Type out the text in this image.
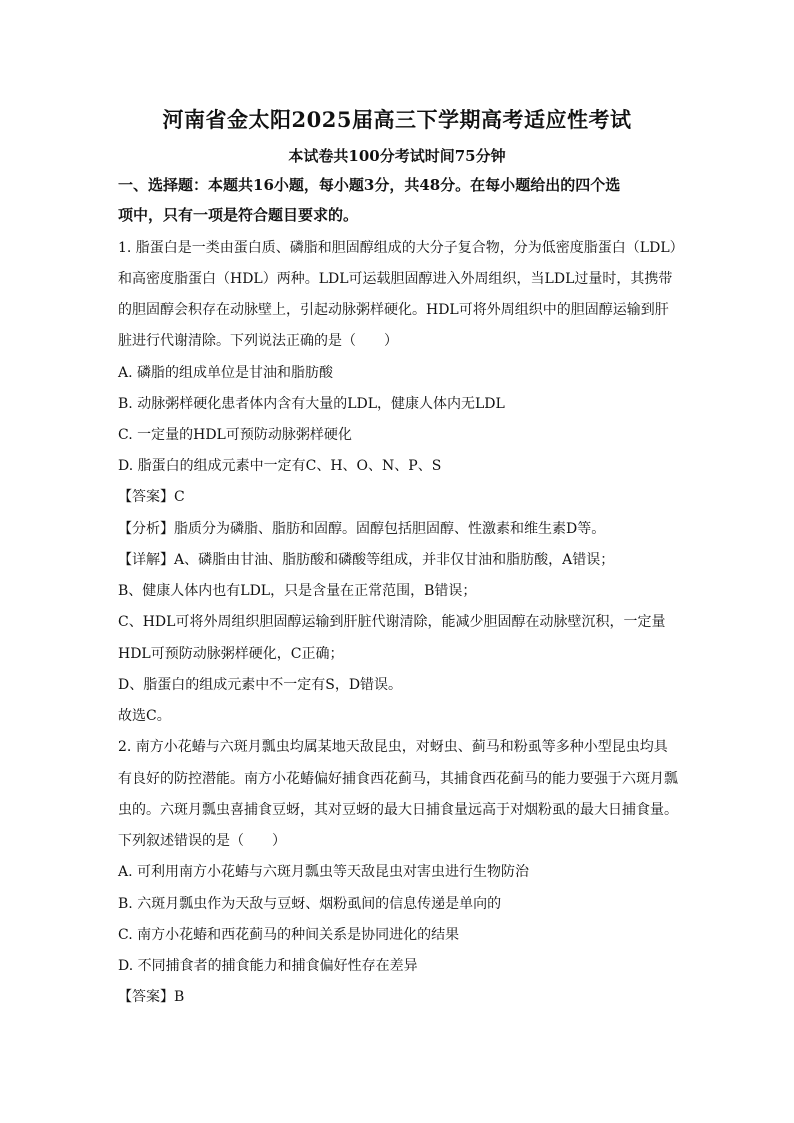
河南省金太阳2025届高三下学期高考适应性考试
本试卷共100分考试时间75分钟
一、选择题：本题共16小题，每小题3分，共48分。在每小题给出的四个选
项中，只有一项是符合题目要求的。
1. 脂蛋白是一类由蛋白质、磷脂和胆固醇组成的大分子复合物，分为低密度脂蛋白（LDL）
和高密度脂蛋白（HDL）两种。LDL可运载胆固醇进入外周组织，当LDL过量时，其携带
的胆固醇会积存在动脉壁上，引起动脉粥样硬化。HDL可将外周组织中的胆固醇运输到肝
脏进行代谢清除。下列说法正确的是（　　）
A. 磷脂的组成单位是甘油和脂肪酸
B. 动脉粥样硬化患者体内含有大量的LDL，健康人体内无LDL
C. 一定量的HDL可预防动脉粥样硬化
D. 脂蛋白的组成元素中一定有C、H、O、N、P、S
【答案】C
【分析】脂质分为磷脂、脂肪和固醇。固醇包括胆固醇、性激素和维生素D等。
【详解】A、磷脂由甘油、脂肪酸和磷酸等组成，并非仅甘油和脂肪酸，A错误；
B、健康人体内也有LDL，只是含量在正常范围，B错误；
C、HDL可将外周组织胆固醇运输到肝脏代谢清除，能减少胆固醇在动脉壁沉积，一定量
HDL可预防动脉粥样硬化，C正确；
D、脂蛋白的组成元素中不一定有S，D错误。
故选C。
2. 南方小花蝽与六斑月瓢虫均属某地天敌昆虫，对蚜虫、蓟马和粉虱等多种小型昆虫均具
有良好的防控潜能。南方小花蝽偏好捕食西花蓟马，其捕食西花蓟马的能力要强于六斑月瓢
虫的。六斑月瓢虫喜捕食豆蚜，其对豆蚜的最大日捕食量远高于对烟粉虱的最大日捕食量。
下列叙述错误的是（　　）
A. 可利用南方小花蝽与六斑月瓢虫等天敌昆虫对害虫进行生物防治
B. 六斑月瓢虫作为天敌与豆蚜、烟粉虱间的信息传递是单向的
C. 南方小花蝽和西花蓟马的种间关系是协同进化的结果
D. 不同捕食者的捕食能力和捕食偏好性存在差异
【答案】B
